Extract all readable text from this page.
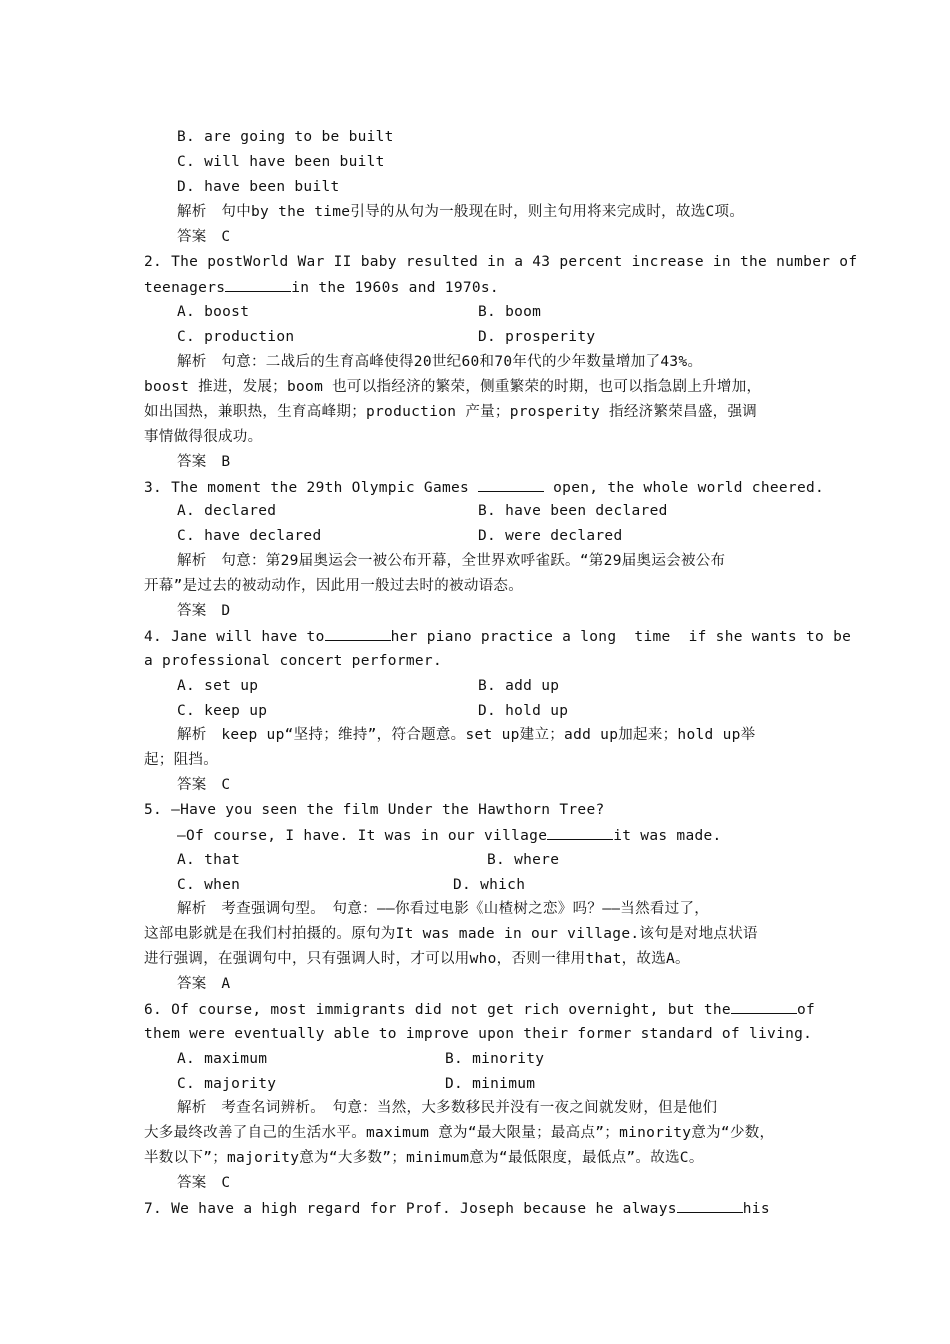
B. are going to be built
C. will have been built
D. have been built
解析　句中by the time引导的从句为一般现在时，则主句用将来完成时，故选C项。
答案　C
2. The postWorld War II baby resulted in a 43 percent increase in the number of
teenagers	in the 1960s and 1970s.
A. boost	B. boom
C. production	D. prosperity
解析　句意：二战后的生育高峰使得20世纪60和70年代的少年数量增加了43%。
boost 推进，发展；boom 也可以指经济的繁荣，侧重繁荣的时期，也可以指急剧上升增加，
如出国热，兼职热，生育高峰期；production 产量；prosperity 指经济繁荣昌盛，强调
事情做得很成功。
答案　B
3. The moment the 29th Olympic Games	open, the whole world cheered.
A. declared	B. have been declared
C. have declared	D. were declared
解析　句意：第29届奥运会一被公布开幕，全世界欢呼雀跃。“第29届奥运会被公布
开幕”是过去的被动动作，因此用一般过去时的被动语态。
答案　D
4. Jane will have to	her piano practice a long  time  if she wants to be
a professional concert performer.
A. set up	B. add up
C. keep up	D. hold up
解析　keep up“坚持；维持”，符合题意。set up建立；add up加起来；hold up举
起；阻挡。
答案　C
5. —Have you seen the film Under the Hawthorn Tree?
—Of course, I have. It was in our village	it was made.
A. that	B. where
C. when	D. which
解析　考查强调句型。　句意：——你看过电影《山楂树之恋》吗？——当然看过了，
这部电影就是在我们村拍摄的。原句为It was made in our village.该句是对地点状语
进行强调，在强调句中，只有强调人时，才可以用who，否则一律用that，故选A。
答案　A
6. Of course, most immigrants did not get rich overnight, but the	of
them were eventually able to improve upon their former standard of living.
A. maximum	B. minority
C. majority	D. minimum
解析　考查名词辨析。　句意：当然，大多数移民并没有一夜之间就发财，但是他们
大多最终改善了自己的生活水平。maximum 意为“最大限量；最高点”；minority意为“少数，
半数以下”；majority意为“大多数”；minimum意为“最低限度，最低点”。故选C。
答案　C
7. We have a high regard for Prof. Joseph because he always	his
